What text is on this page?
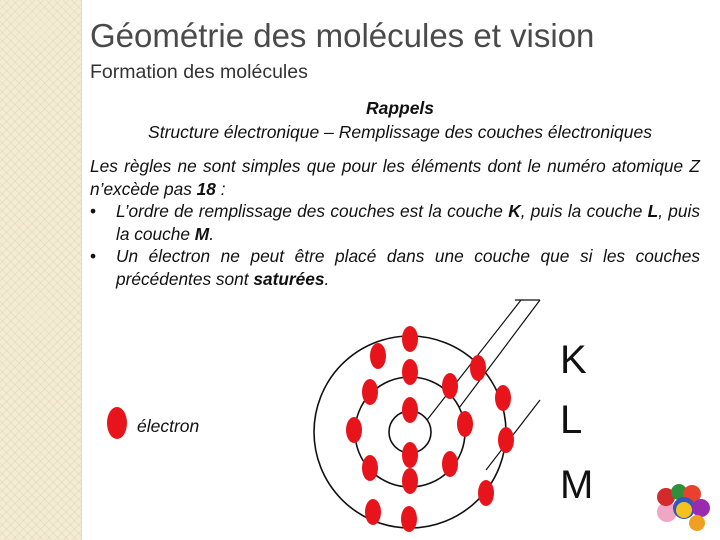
Géométrie des molécules et vision
Formation des molécules
Rappels
Structure électronique – Remplissage des couches électroniques

Les règles ne sont simples que pour les éléments dont le numéro atomique Z n’excède pas 18 :

• L’ordre de remplissage des couches est la couche K, puis la couche L, puis la couche M.
• Un électron ne peut être placé dans une couche que si les couches précédentes sont saturées.
électron
K
L
M
